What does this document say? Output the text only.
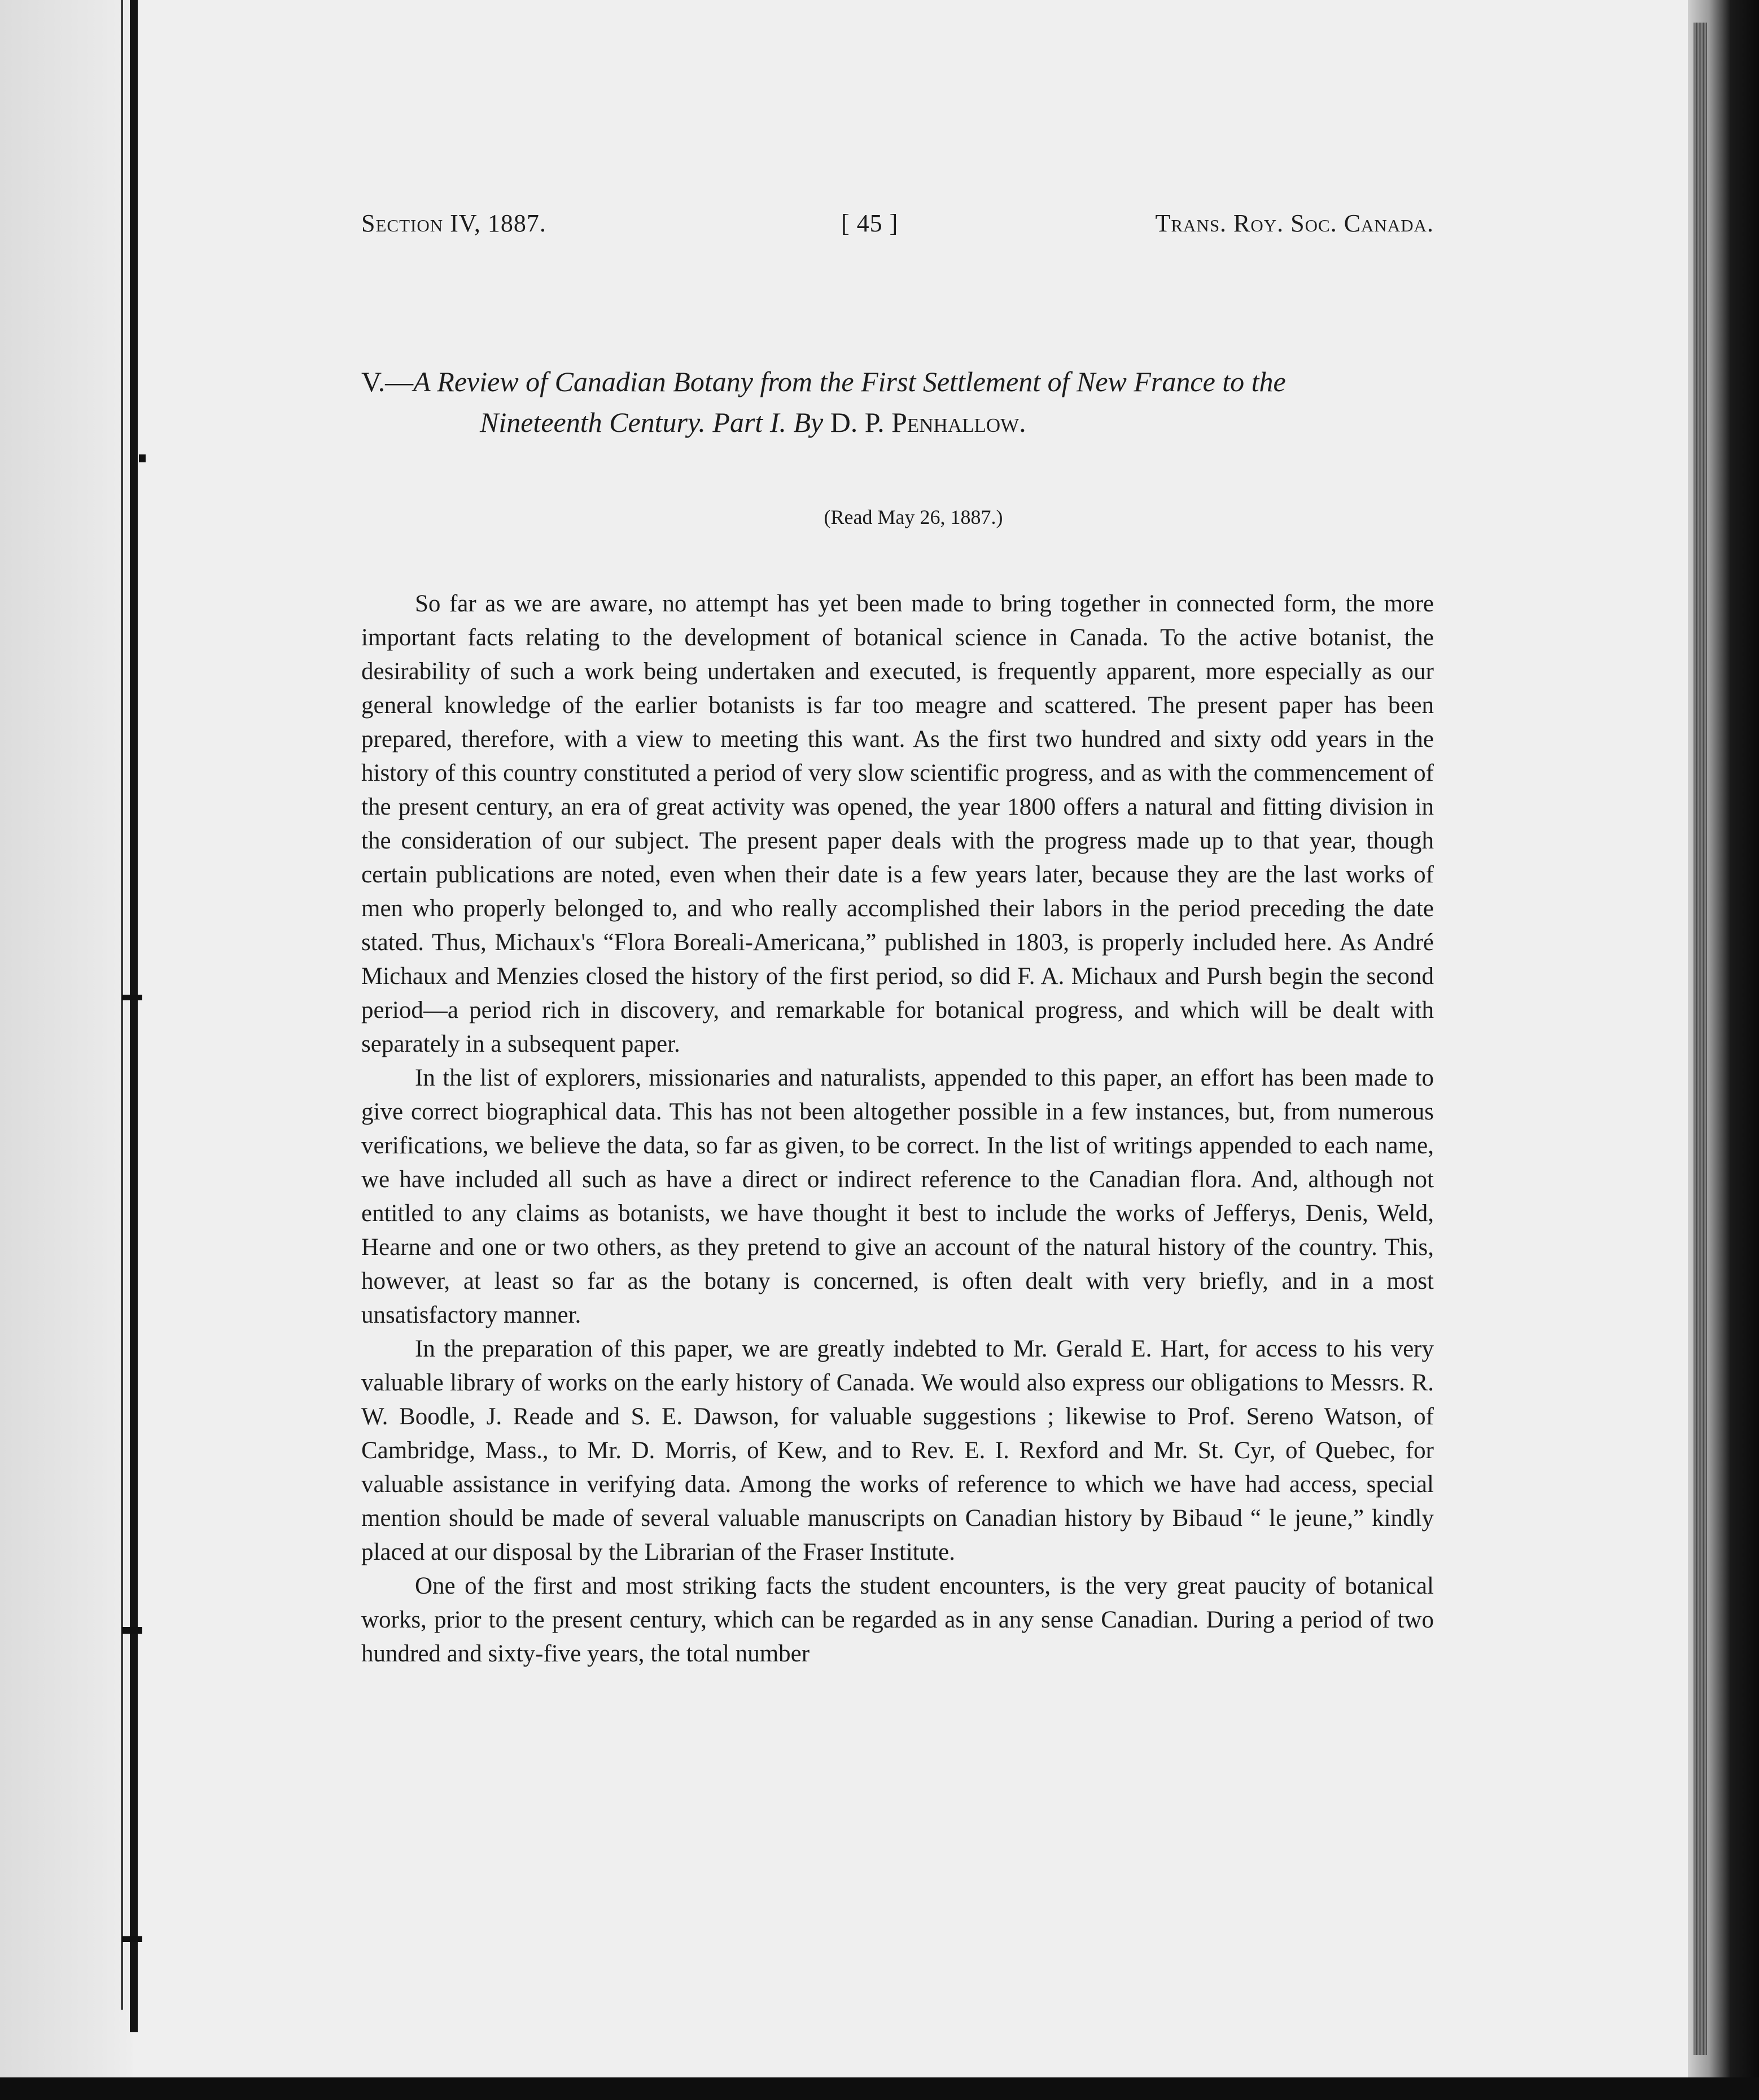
Section IV, 1887.	[ 45 ]	Trans. Roy. Soc. Canada.
V.—A Review of Canadian Botany from the First Settlement of New France to the
Nineteenth Century. Part I. By D. P. Penhallow.
(Read May 26, 1887.)

So far as we are aware, no attempt has yet been made to bring together in connected form, the more important facts relating to the development of botanical science in Canada. To the active botanist, the desirability of such a work being undertaken and executed, is frequently apparent, more especially as our general knowledge of the earlier botanists is far too meagre and scattered. The present paper has been prepared, therefore, with a view to meeting this want. As the first two hundred and sixty odd years in the history of this country constituted a period of very slow scientific progress, and as with the commencement of the present century, an era of great activity was opened, the year 1800 offers a natural and fitting division in the consideration of our subject. The present paper deals with the progress made up to that year, though certain publications are noted, even when their date is a few years later, because they are the last works of men who properly belonged to, and who really accomplished their labors in the period preceding the date stated. Thus, Michaux's “Flora Boreali-Americana,” published in 1803, is properly included here. As André Michaux and Menzies closed the history of the first period, so did F. A. Michaux and Pursh begin the second period—a period rich in discovery, and remarkable for botanical progress, and which will be dealt with separately in a subsequent paper.

In the list of explorers, missionaries and naturalists, appended to this paper, an effort has been made to give correct biographical data. This has not been altogether possible in a few instances, but, from numerous verifications, we believe the data, so far as given, to be correct. In the list of writings appended to each name, we have included all such as have a direct or indirect reference to the Canadian flora. And, although not entitled to any claims as botanists, we have thought it best to include the works of Jefferys, Denis, Weld, Hearne and one or two others, as they pretend to give an account of the natural history of the country. This, however, at least so far as the botany is concerned, is often dealt with very briefly, and in a most unsatisfactory manner.

In the preparation of this paper, we are greatly indebted to Mr. Gerald E. Hart, for access to his very valuable library of works on the early history of Canada. We would also express our obligations to Messrs. R. W. Boodle, J. Reade and S. E. Dawson, for valuable suggestions ; likewise to Prof. Sereno Watson, of Cambridge, Mass., to Mr. D. Morris, of Kew, and to Rev. E. I. Rexford and Mr. St. Cyr, of Quebec, for valuable assistance in verifying data. Among the works of reference to which we have had access, special mention should be made of several valuable manuscripts on Canadian history by Bibaud “ le jeune,” kindly placed at our disposal by the Librarian of the Fraser Institute.

One of the first and most striking facts the student encounters, is the very great paucity of botanical works, prior to the present century, which can be regarded as in any sense Canadian. During a period of two hundred and sixty-five years, the total number
